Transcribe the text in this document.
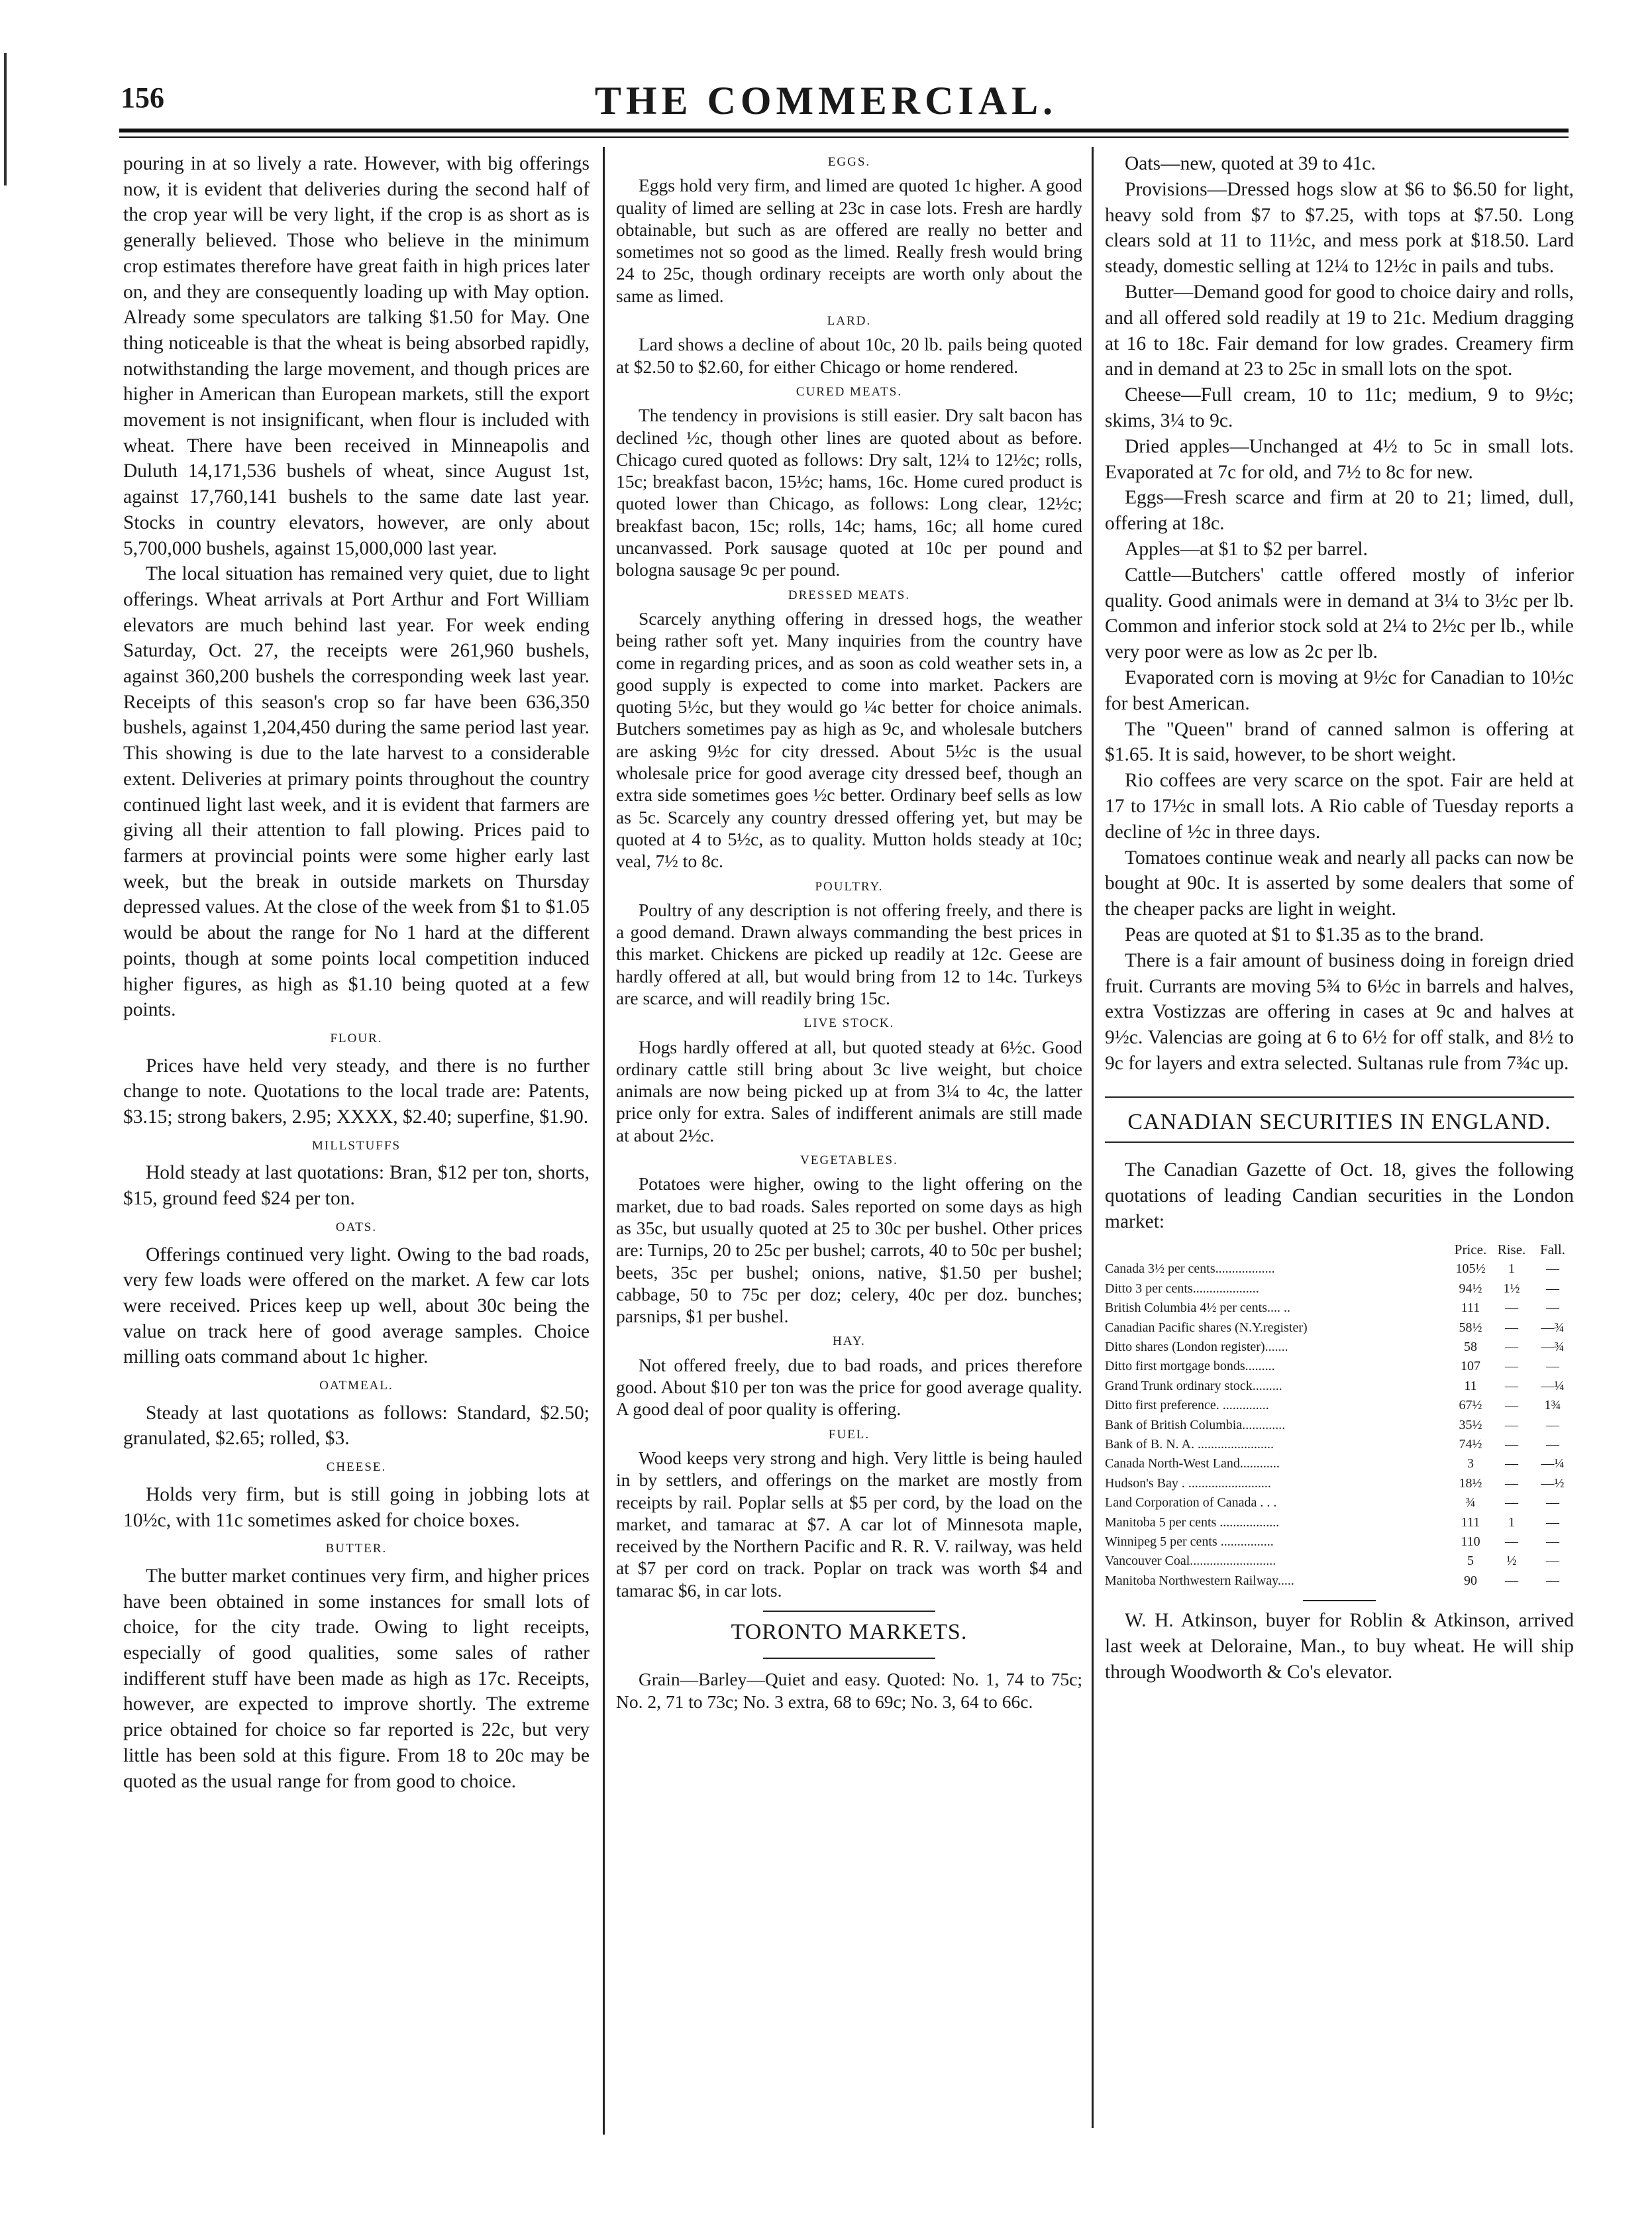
156	THE COMMERCIAL.

pouring in at so lively a rate. However, with big offerings now, it is evident that deliveries during the second half of the crop year will be very light, if the crop is as short as is generally believed. Those who believe in the minimum crop estimates therefore have great faith in high prices later on, and they are consequently loading up with May option. Already some speculators are talking $1.50 for May. One thing noticeable is that the wheat is being absorbed rapidly, notwithstanding the large movement, and though prices are higher in American than European markets, still the export movement is not insignificant, when flour is included with wheat. There have been received in Minneapolis and Duluth 14,171,536 bushels of wheat, since August 1st, against 17,760,141 bushels to the same date last year. Stocks in country elevators, however, are only about 5,700,000 bushels, against 15,000,000 last year.

The local situation has remained very quiet, due to light offerings. Wheat arrivals at Port Arthur and Fort William elevators are much behind last year. For week ending Saturday, Oct. 27, the receipts were 261,960 bushels, against 360,200 bushels the corresponding week last year. Receipts of this season's crop so far have been 636,350 bushels, against 1,204,450 during the same period last year. This showing is due to the late harvest to a considerable extent. Deliveries at primary points throughout the country continued light last week, and it is evident that farmers are giving all their attention to fall plowing. Prices paid to farmers at provincial points were some higher early last week, but the break in outside markets on Thursday depressed values. At the close of the week from $1 to $1.05 would be about the range for No 1 hard at the different points, though at some points local competition induced higher figures, as high as $1.10 being quoted at a few points.

FLOUR.

Prices have held very steady, and there is no further change to note. Quotations to the local trade are: Patents, $3.15; strong bakers, 2.95; XXXX, $2.40; superfine, $1.90.

MILLSTUFFS

Hold steady at last quotations: Bran, $12 per ton, shorts, $15, ground feed $24 per ton.

OATS.

Offerings continued very light. Owing to the bad roads, very few loads were offered on the market. A few car lots were received. Prices keep up well, about 30c being the value on track here of good average samples. Choice milling oats command about 1c higher.

OATMEAL.

Steady at last quotations as follows: Standard, $2.50; granulated, $2.65; rolled, $3.

CHEESE.

Holds very firm, but is still going in jobbing lots at 10½c, with 11c sometimes asked for choice boxes.

BUTTER.

The butter market continues very firm, and higher prices have been obtained in some instances for small lots of choice, for the city trade. Owing to light receipts, especially of good qualities, some sales of rather indifferent stuff have been made as high as 17c. Receipts, however, are expected to improve shortly. The extreme price obtained for choice so far reported is 22c, but very little has been sold at this figure. From 18 to 20c may be quoted as the usual range for from good to choice.

EGGS.

Eggs hold very firm, and limed are quoted 1c higher. A good quality of limed are selling at 23c in case lots. Fresh are hardly obtainable, but such as are offered are really no better and sometimes not so good as the limed. Really fresh would bring 24 to 25c, though ordinary receipts are worth only about the same as limed.

LARD.

Lard shows a decline of about 10c, 20 lb. pails being quoted at $2.50 to $2.60, for either Chicago or home rendered.

CURED MEATS.

The tendency in provisions is still easier. Dry salt bacon has declined ½c, though other lines are quoted about as before. Chicago cured quoted as follows: Dry salt, 12¼ to 12½c; rolls, 15c; breakfast bacon, 15½c; hams, 16c. Home cured product is quoted lower than Chicago, as follows: Long clear, 12½c; breakfast bacon, 15c; rolls, 14c; hams, 16c; all home cured uncanvassed. Pork sausage quoted at 10c per pound and bologna sausage 9c per pound.

DRESSED MEATS.

Scarcely anything offering in dressed hogs, the weather being rather soft yet. Many inquiries from the country have come in regarding prices, and as soon as cold weather sets in, a good supply is expected to come into market. Packers are quoting 5½c, but they would go ¼c better for choice animals. Butchers sometimes pay as high as 9c, and wholesale butchers are asking 9½c for city dressed. About 5½c is the usual wholesale price for good average city dressed beef, though an extra side sometimes goes ½c better. Ordinary beef sells as low as 5c. Scarcely any country dressed offering yet, but may be quoted at 4 to 5½c, as to quality. Mutton holds steady at 10c; veal, 7½ to 8c.

POULTRY.

Poultry of any description is not offering freely, and there is a good demand. Drawn always commanding the best prices in this market. Chickens are picked up readily at 12c. Geese are hardly offered at all, but would bring from 12 to 14c. Turkeys are scarce, and will readily bring 15c.

LIVE STOCK.

Hogs hardly offered at all, but quoted steady at 6½c. Good ordinary cattle still bring about 3c live weight, but choice animals are now being picked up at from 3¼ to 4c, the latter price only for extra. Sales of indifferent animals are still made at about 2½c.

VEGETABLES.

Potatoes were higher, owing to the light offering on the market, due to bad roads. Sales reported on some days as high as 35c, but usually quoted at 25 to 30c per bushel. Other prices are: Turnips, 20 to 25c per bushel; carrots, 40 to 50c per bushel; beets, 35c per bushel; onions, native, $1.50 per bushel; cabbage, 50 to 75c per doz; celery, 40c per doz. bunches; parsnips, $1 per bushel.

HAY.

Not offered freely, due to bad roads, and prices therefore good. About $10 per ton was the price for good average quality. A good deal of poor quality is offering.

FUEL.

Wood keeps very strong and high. Very little is being hauled in by settlers, and offerings on the market are mostly from receipts by rail. Poplar sells at $5 per cord, by the load on the market, and tamarac at $7. A car lot of Minnesota maple, received by the Northern Pacific and R. R. V. railway, was held at $7 per cord on track. Poplar on track was worth $4 and tamarac $6, in car lots.

TORONTO MARKETS.

Grain—Barley—Quiet and easy. Quoted: No. 1, 74 to 75c; No. 2, 71 to 73c; No. 3 extra, 68 to 69c; No. 3, 64 to 66c.

Oats—new, quoted at 39 to 41c.

Provisions—Dressed hogs slow at $6 to $6.50 for light, heavy sold from $7 to $7.25, with tops at $7.50. Long clears sold at 11 to 11½c, and mess pork at $18.50. Lard steady, domestic selling at 12¼ to 12½c in pails and tubs.

Butter—Demand good for good to choice dairy and rolls, and all offered sold readily at 19 to 21c. Medium dragging at 16 to 18c. Fair demand for low grades. Creamery firm and in demand at 23 to 25c in small lots on the spot.

Cheese—Full cream, 10 to 11c; medium, 9 to 9½c; skims, 3¼ to 9c.

Dried apples—Unchanged at 4½ to 5c in small lots. Evaporated at 7c for old, and 7½ to 8c for new.

Eggs—Fresh scarce and firm at 20 to 21; limed, dull, offering at 18c.

Apples—at $1 to $2 per barrel.

Cattle—Butchers' cattle offered mostly of inferior quality. Good animals were in demand at 3¼ to 3½c per lb. Common and inferior stock sold at 2¼ to 2½c per lb., while very poor were as low as 2c per lb.

Evaporated corn is moving at 9½c for Canadian to 10½c for best American.

The "Queen" brand of canned salmon is offering at $1.65. It is said, however, to be short weight.

Rio coffees are very scarce on the spot. Fair are held at 17 to 17½c in small lots. A Rio cable of Tuesday reports a decline of ½c in three days.

Tomatoes continue weak and nearly all packs can now be bought at 90c. It is asserted by some dealers that some of the cheaper packs are light in weight.

Peas are quoted at $1 to $1.35 as to the brand.

There is a fair amount of business doing in foreign dried fruit. Currants are moving 5¾ to 6½c in barrels and halves, extra Vostizzas are offering in cases at 9c and halves at 9½c. Valencias are going at 6 to 6½ for off stalk, and 8½ to 9c for layers and extra selected. Sultanas rule from 7¾c up.

CANADIAN SECURITIES IN ENGLAND.

The Canadian Gazette of Oct. 18, gives the following quotations of leading Candian securities in the London market:

Price. Rise.	Fall.
Canada 3½ per cents..................	105½	1	—
Ditto 3 per cents....................	94½	1½	—
British Columbia 4½ per cents.... ..	111	—	—
Canadian Pacific shares (N.Y.register)	58½	—	—¾
Ditto shares (London register).......	58	—	—¾
Ditto first mortgage bonds.........	107	—	—
Grand Trunk ordinary stock.........	11	—	—¼
Ditto first preference. ..............	67½	—	1¾
Bank of British Columbia.............	35½	—	—
Bank of B. N. A. .......................	74½	—	—
Canada North-West Land............	3	—	—¼
Hudson's Bay . .........................	18½	—	—½
Land Corporation of Canada . . .	¾	—	—
Manitoba 5 per cents ..................	111	1	—
Winnipeg 5 per cents ................	110	—	—
Vancouver Coal..........................	5	½	—
Manitoba Northwestern Railway.....	90	—	—

W. H. Atkinson, buyer for Roblin & Atkinson, arrived last week at Deloraine, Man., to buy wheat. He will ship through Woodworth & Co's elevator.
